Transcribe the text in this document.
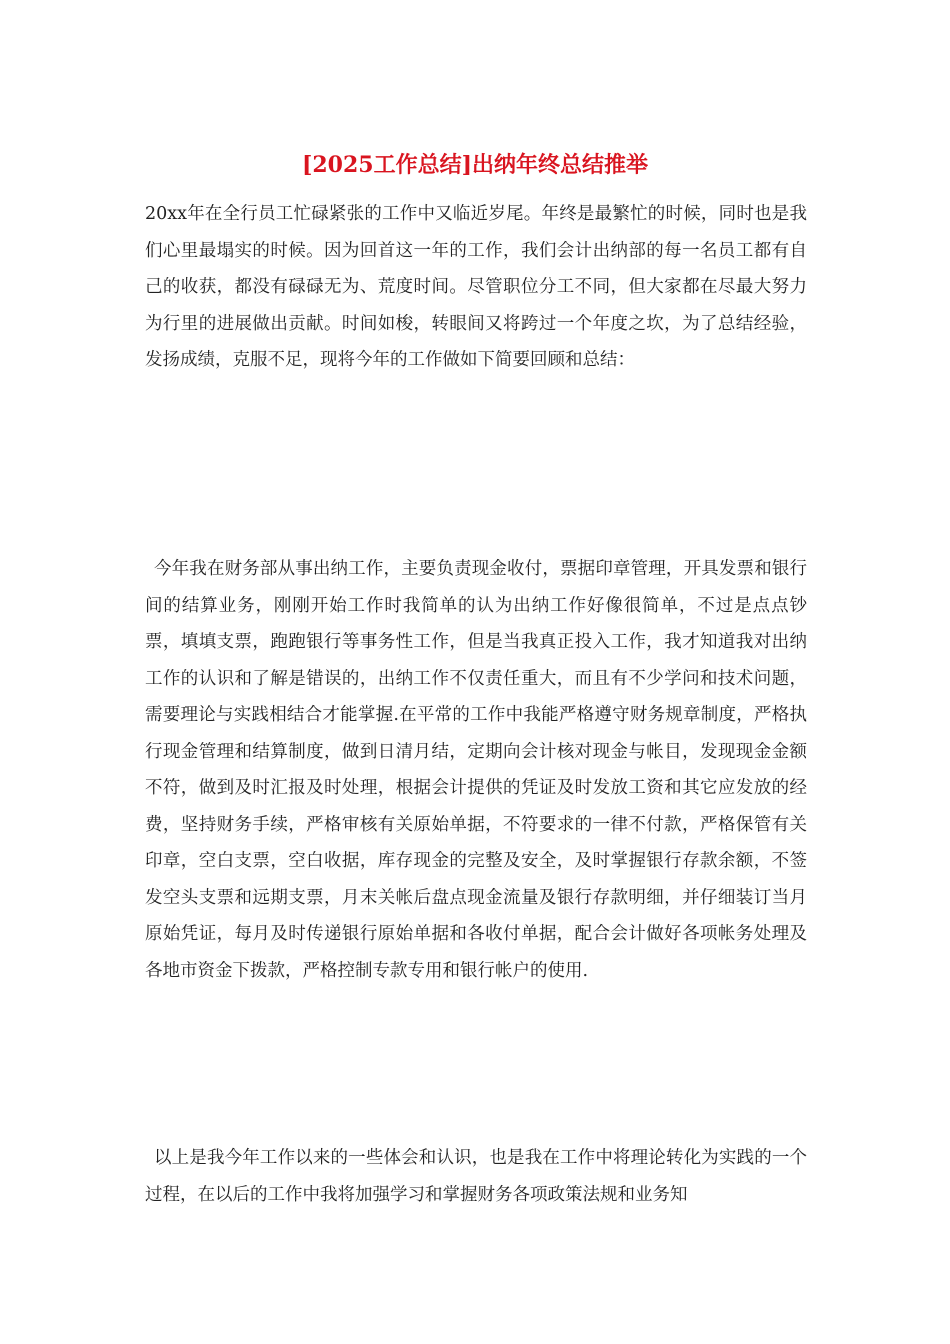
[2025工作总结]出纳年终总结推举

20xx年在全行员工忙碌紧张的工作中又临近岁尾。年终是最繁忙的时候，同时也是我们心里最塌实的时候。因为回首这一年的工作，我们会计出纳部的每一名员工都有自己的收获，都没有碌碌无为、荒度时间。尽管职位分工不同，但大家都在尽最大努力为行里的进展做出贡献。时间如梭，转眼间又将跨过一个年度之坎，为了总结经验，发扬成绩，克服不足，现将今年的工作做如下简要回顾和总结：

今年我在财务部从事出纳工作，主要负责现金收付，票据印章管理，开具发票和银行间的结算业务，刚刚开始工作时我简单的认为出纳工作好像很简单，不过是点点钞票，填填支票，跑跑银行等事务性工作，但是当我真正投入工作，我才知道我对出纳工作的认识和了解是错误的，出纳工作不仅责任重大，而且有不少学问和技术问题，需要理论与实践相结合才能掌握.在平常的工作中我能严格遵守财务规章制度，严格执行现金管理和结算制度，做到日清月结，定期向会计核对现金与帐目，发现现金金额不符，做到及时汇报及时处理，根据会计提供的凭证及时发放工资和其它应发放的经费，坚持财务手续，严格审核有关原始单据，不符要求的一律不付款，严格保管有关印章，空白支票，空白收据，库存现金的完整及安全，及时掌握银行存款余额，不签发空头支票和远期支票，月末关帐后盘点现金流量及银行存款明细，并仔细装订当月原始凭证，每月及时传递银行原始单据和各收付单据，配合会计做好各项帐务处理及各地市资金下拨款，严格控制专款专用和银行帐户的使用.

以上是我今年工作以来的一些体会和认识，也是我在工作中将理论转化为实践的一个过程，在以后的工作中我将加强学习和掌握财务各项政策法规和业务知
